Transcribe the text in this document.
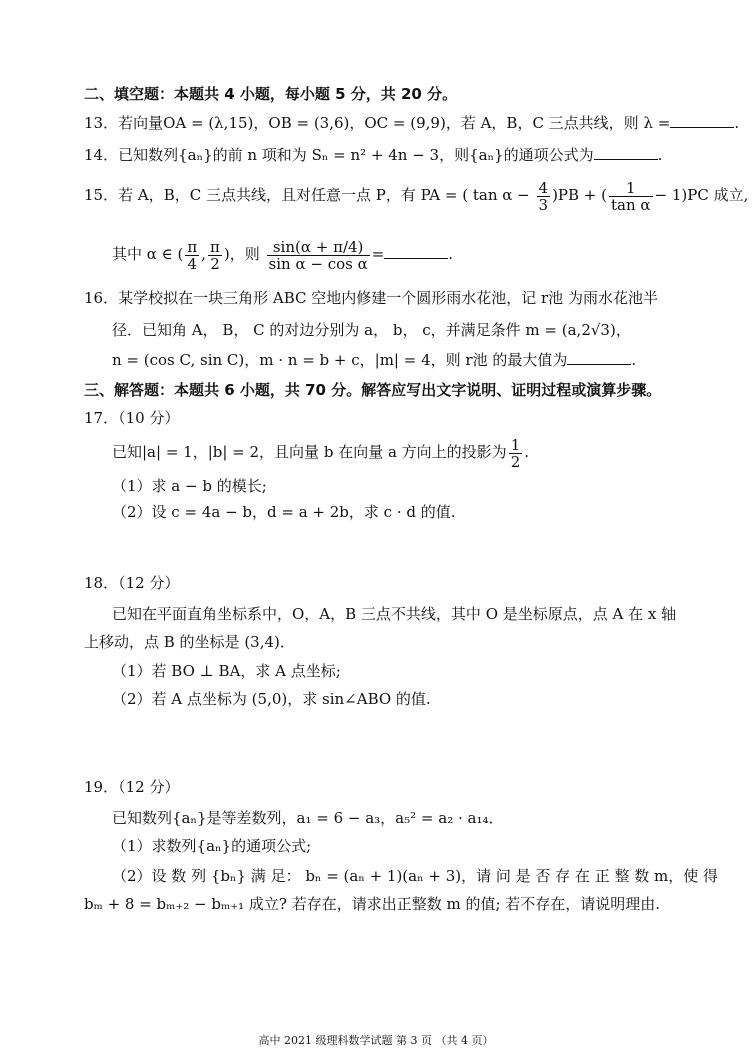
二、填空题：本题共 4 小题，每小题 5 分，共 20 分。
13．若向量OA = (λ,15)，OB = (3,6)，OC = (9,9)，若 A，B，C 三点共线，则 λ =	.
14．已知数列{aₙ}的前 n 项和为 Sₙ = n² + 4n − 3，则{aₙ}的通项公式为	.
15．若 A，B，C 三点共线，且对任意一点 P，有 PA = ( $\tan \alpha - \frac{4}{3} )PB$ + ( $\frac{1}{\text{tan α}} - 1)PC$ 成立,
其中 α ∈ ( $\frac{\pi}{4}$ , $\frac{\pi}{2}$ )，则 $\frac{\sin(\alpha + \pi/4)}{\text{sin α − cos α}}$ =	.
16．某学校拟在一块三角形 ABC 空地内修建一个圆形雨水花池，记 r池 为雨水花池半
径．已知角 A， B， C 的对边分别为 a， b， c，并满足条件 m = (a,2√3)，
n = (cos C, sin C)，m · n = b + c，|m| = 4，则 r池 的最大值为	.
三、解答题：本题共 6 小题，共 70 分。解答应写出文字说明、证明过程或演算步骤。
17．（10 分）
已知|a| = 1，|b| = 2，且向量 b 在向量 a 方向上的投影为 $\frac{1}{2}$ .
（1）求 a − b 的模长;
（2）设 c = 4a − b，d = a + 2b，求 c · d 的值.
18．（12 分）
已知在平面直角坐标系中，O，A，B 三点不共线，其中 O 是坐标原点，点 A 在 x 轴
上移动，点 B 的坐标是 (3,4)．
（1）若 BO ⊥ BA，求 A 点坐标;
（2）若 A 点坐标为 (5,0)，求 sin∠ABO 的值.
19．（12 分）
已知数列{aₙ}是等差数列，a₁ = 6 − a₃，a₅² = a₂ · a₁₄．
（1）求数列{aₙ}的通项公式;
（2）设 数 列 {bₙ} 满 足： bₙ = (aₙ + 1)(aₙ + 3)，请 问 是 否 存 在 正 整 数 m，使 得
bₘ + 8 = bₘ₊₂ − bₘ₊₁ 成立? 若存在，请求出正整数 m 的值; 若不存在，请说明理由.
高中 2021 级理科数学试题 第 3 页 （共 4 页）
